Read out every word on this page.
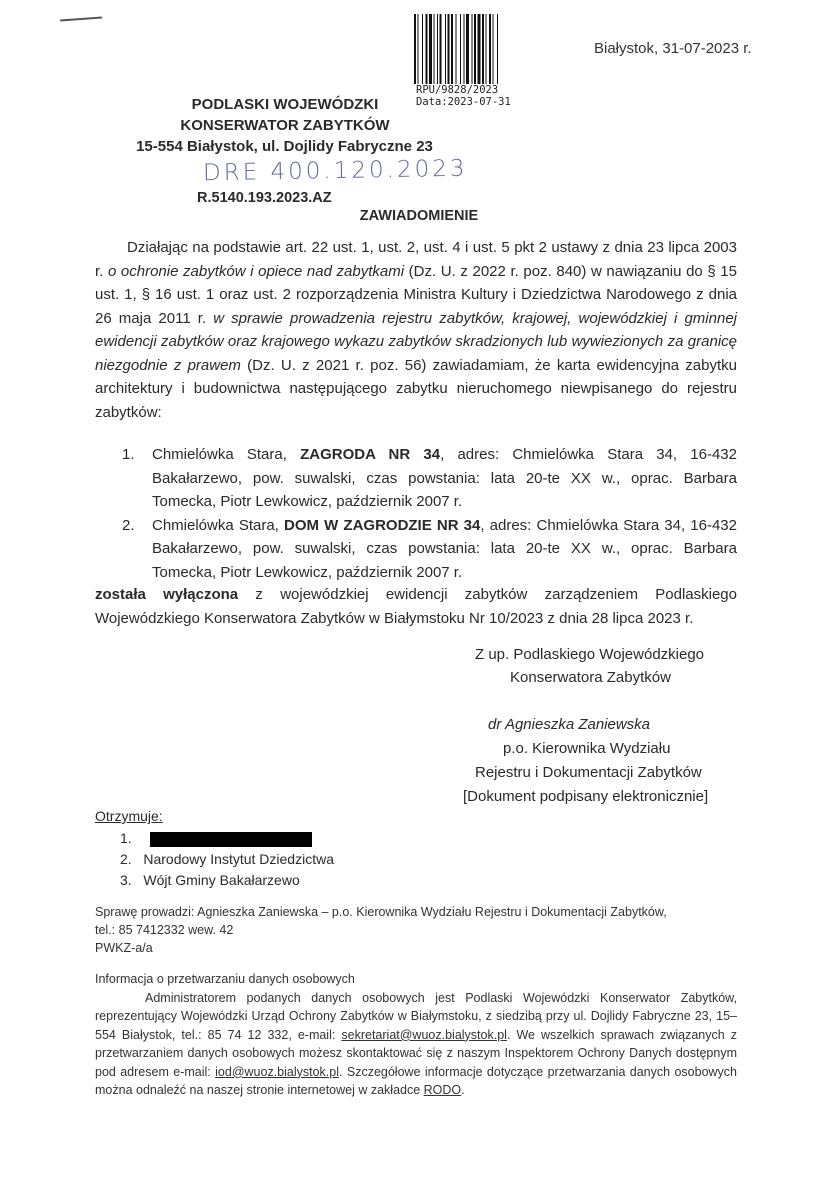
RPU/9828/2023
Data:2023-07-31
Białystok, 31-07-2023 r.
PODLASKI WOJEWÓDZKI
KONSERWATOR ZABYTKÓW
15-554 Białystok, ul. Dojlidy Fabryczne 23
DRE 400.120.2023
R.5140.193.2023.AZ
ZAWIADOMIENIE
Działając na podstawie art. 22 ust. 1, ust. 2, ust. 4 i ust. 5 pkt 2 ustawy z dnia 23 lipca 2003 r. o ochronie zabytków i opiece nad zabytkami (Dz. U. z 2022 r. poz. 840) w nawiązaniu do § 15 ust. 1, § 16 ust. 1 oraz ust. 2 rozporządzenia Ministra Kultury i Dziedzictwa Narodowego z dnia 26 maja 2011 r. w sprawie prowadzenia rejestru zabytków, krajowej, wojewódzkiej i gminnej ewidencji zabytków oraz krajowego wykazu zabytków skradzionych lub wywiezionych za granicę niezgodnie z prawem (Dz. U. z 2021 r. poz. 56) zawiadamiam, że karta ewidencyjna zabytku architektury i budownictwa następującego zabytku nieruchomego niewpisanego do rejestru zabytków:
1.	Chmielówka Stara, ZAGRODA NR 34, adres: Chmielówka Stara 34, 16-432 Bakałarzewo, pow. suwalski, czas powstania: lata 20-te XX w., oprac. Barbara Tomecka, Piotr Lewkowicz, październik 2007 r.
2.	Chmielówka Stara, DOM W ZAGRODZIE NR 34, adres: Chmielówka Stara 34, 16-432 Bakałarzewo, pow. suwalski, czas powstania: lata 20-te XX w., oprac. Barbara Tomecka, Piotr Lewkowicz, październik 2007 r.
została wyłączona z wojewódzkiej ewidencji zabytków zarządzeniem Podlaskiego Wojewódzkiego Konserwatora Zabytków w Białymstoku Nr 10/2023 z dnia 28 lipca 2023 r.
Z up. Podlaskiego Wojewódzkiego
Konserwatora Zabytków
dr Agnieszka Zaniewska
p.o. Kierownika Wydziału
Rejestru i Dokumentacji Zabytków
[Dokument podpisany elektronicznie]
Otrzymuje:
1.
2. Narodowy Instytut Dziedzictwa
3. Wójt Gminy Bakałarzewo
Sprawę prowadzi: Agnieszka Zaniewska – p.o. Kierownika Wydziału Rejestru i Dokumentacji Zabytków,
tel.: 85 7412332 wew. 42
PWKZ-a/a
Informacja o przetwarzaniu danych osobowych
Administratorem podanych danych osobowych jest Podlaski Wojewódzki Konserwator Zabytków, reprezentujący Wojewódzki Urząd Ochrony Zabytków w Białymstoku, z siedzibą przy ul. Dojlidy Fabryczne 23, 15–554 Białystok, tel.: 85 74 12 332, e-mail: sekretariat@wuoz.bialystok.pl. We wszelkich sprawach związanych z przetwarzaniem danych osobowych możesz skontaktować się z naszym Inspektorem Ochrony Danych dostępnym pod adresem e-mail: iod@wuoz.bialystok.pl. Szczegółowe informacje dotyczące przetwarzania danych osobowych można odnaleźć na naszej stronie internetowej w zakładce RODO.
